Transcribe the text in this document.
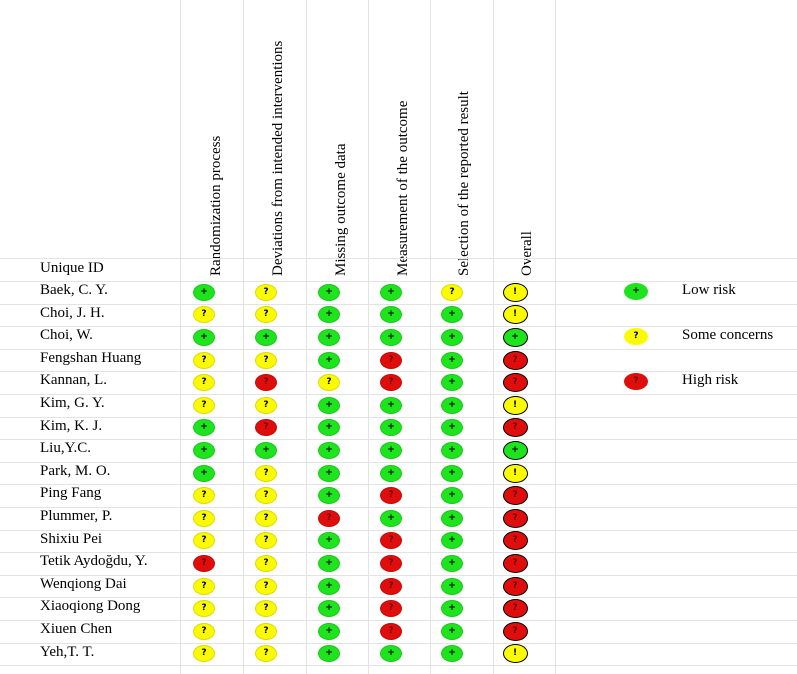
Unique ID	Randomization process	Deviations from intended interventions	Missing outcome data	Measurement of the outcome	Selection of the reported result	Overall
Baek, C. Y.	+	?	+	+	?	!
Choi, J. H.	?	?	+	+	+	!
Choi, W.	+	+	+	+	+	+
Fengshan Huang	?	?	+	?	+	?
Kannan, L.	?	?	?	?	+	?
Kim, G. Y.	?	?	+	+	+	!
Kim, K. J.	+	?	+	+	+	?
Liu,Y.C.	+	+	+	+	+	+
Park, M. O.	+	?	+	+	+	!
Ping Fang	?	?	+	?	+	?
Plummer, P.	?	?	?	+	+	?
Shixiu Pei	?	?	+	?	+	?
Tetik Aydoğdu, Y.	?	?	+	?	+	?
Wenqiong Dai	?	?	+	?	+	?
Xiaoqiong Dong	?	?	+	?	+	?
Xiuen Chen	?	?	+	?	+	?
Yeh,T. T.	?	?	+	+	+	!
+	Low risk
?	Some concerns
?	High risk
